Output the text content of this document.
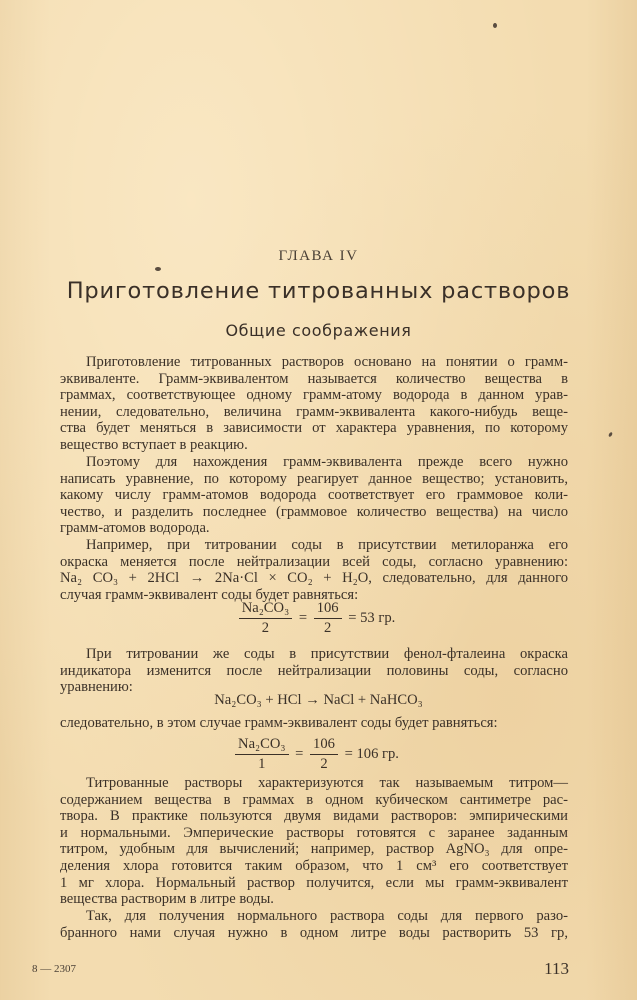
ГЛАВА IV
Приготовление титрованных растворов
Общие соображения
Приготовление титрованных растворов основано на понятии о грамм-
эквиваленте. Грамм-эквивалентом называется количество вещества в
граммах, соответствующее одному грамм-атому водорода в данном урав-
нении, следовательно, величина грамм-эквивалента какого-нибудь веще-
ства будет меняться в зависимости от характера уравнения, по которому
вещество вступает в реакцию.
Поэтому для нахождения грамм-эквивалента прежде всего нужно
написать уравнение, по которому реагирует данное вещество; установить,
какому числу грамм-атомов водорода соответствует его граммовое коли-
чество, и разделить последнее (граммовое количество вещества) на число
грамм-атомов водорода.
Например, при титровании соды в присутствии метилоранжа его
окраска меняется после нейтрализации всей соды, согласно уравнению:
Na₂ CO₃ + 2HCl → 2Na·Cl × CO₂ + H₂O, следовательно, для данного
случая грамм-эквивалент соды будет равняться:
$\frac{\text{Na₂CO₃}}{2} = \frac{106}{2} = 53$ гр.
При титровании же соды в присутствии фенол-фталеина окраска
индикатора изменится после нейтрализации половины соды, согласно
уравнению:
Na₂CO₃ + HCl → NaCl + NaHCO₃
следовательно, в этом случае грамм-эквивалент соды будет равняться:
$\frac{\text{Na₂CO₃}}{1} = \frac{106}{2} = 106$ гр.
Титрованные растворы характеризуются так называемым титром—
содержанием вещества в граммах в одном кубическом сантиметре рас-
твора. В практике пользуются двумя видами растворов: эмпирическими
и нормальными. Эмперические растворы готовятся с заранее заданным
титром, удобным для вычислений; например, раствор AgNO₃ для опре-
деления хлора готовится таким образом, что 1 см³ его соответствует
1 мг хлора. Нормальный раствор получится, если мы грамм-эквивалент
вещества растворим в литре воды.
Так, для получения нормального раствора соды для первого разо-
бранного нами случая нужно в одном литре воды растворить 53 гр,
8 — 2307	113
